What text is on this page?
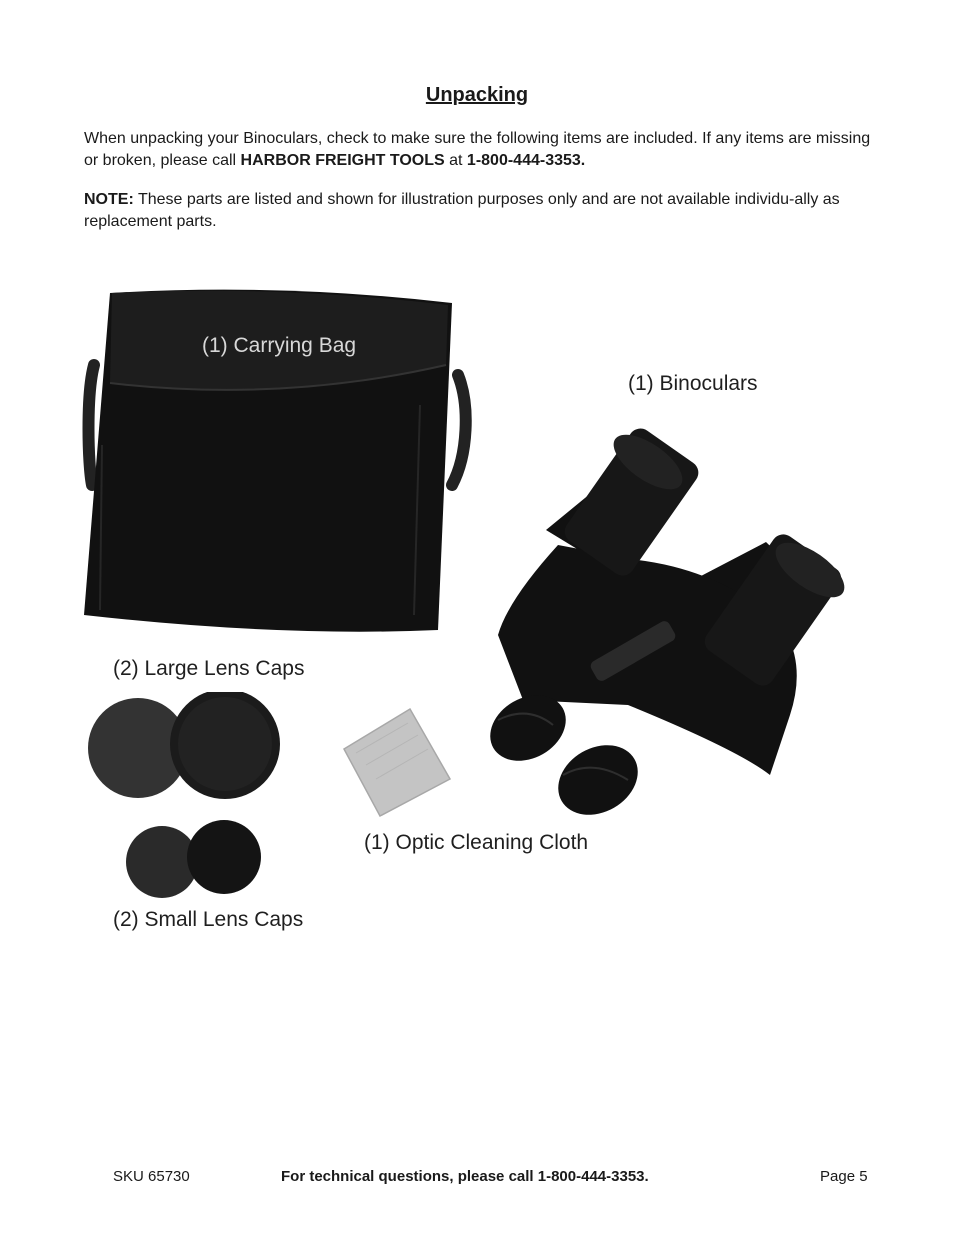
Unpacking
When unpacking your Binoculars, check to make sure the following items are included. If any items are missing or broken, please call HARBOR FREIGHT TOOLS at 1-800-444-3353.
NOTE: These parts are listed and shown for illustration purposes only and are not available individu-ally as replacement parts.
(1) Carrying Bag
(1) Binoculars
(2) Large Lens Caps
(1) Optic Cleaning Cloth
(2) Small Lens Caps
SKU 65730	For technical questions, please call 1-800-444-3353.	Page 5
